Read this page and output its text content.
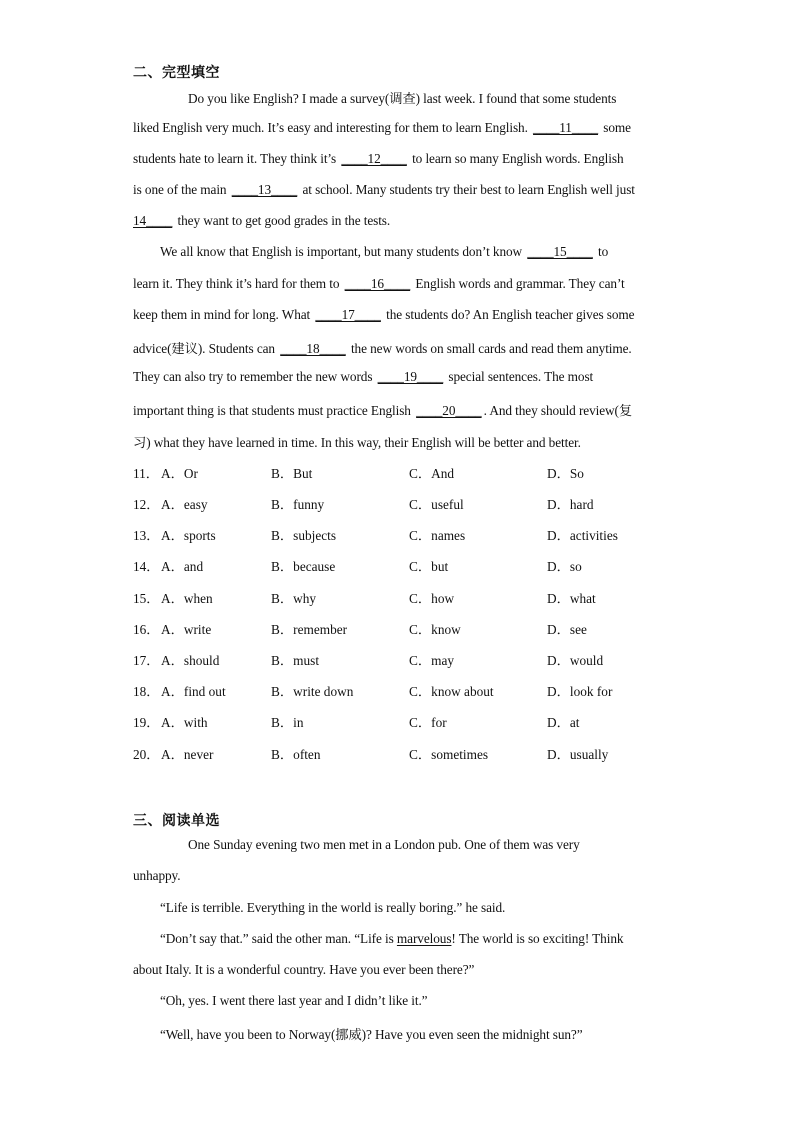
二、完型填空
Do you like English? I made a survey(调查) last week. I found that some students
liked English very much. It’s easy and interesting for them to learn English. ____11____ some
students hate to learn it. They think it’s ____12____ to learn so many English words. English
is one of the main ____13____ at school. Many students try their best to learn English well just
14____ they want to get good grades in the tests.
We all know that English is important, but many students don’t know ____15____ to
learn it. They think it’s hard for them to ____16____ English words and grammar. They can’t
keep them in mind for long. What ____17____ the students do? An English teacher gives some
advice(建议). Students can ____18____ the new words on small cards and read them anytime.
They can also try to remember the new words ____19____ special sentences. The most
important thing is that students must practice English ____20____ . And they should review(复
习) what they have learned in time. In this way, their English will be better and better.
11． A．Or	B．But	C．And	D．So
12． A．easy	B．funny	C．useful	D．hard
13． A．sports	B．subjects	C．names	D．activities
14． A．and	B．because	C．but	D．so
15． A．when	B．why	C．how	D．what
16． A．write	B．remember	C．know	D．see
17． A．should	B．must	C．may	D．would
18． A．find out	B．write down	C．know about	D．look for
19． A．with	B．in	C．for	D．at
20． A．never	B．often	C．sometimes	D．usually
三、阅读单选
One Sunday evening two men met in a London pub. One of them was very
unhappy.
“Life is terrible. Everything in the world is really boring.” he said.
“Don’t say that.” said the other man. “Life is marvelous! The world is so exciting! Think
about Italy. It is a wonderful country. Have you ever been there?”
“Oh, yes. I went there last year and I didn’t like it.”
“Well, have you been to Norway(挪威)? Have you even seen the midnight sun?”
